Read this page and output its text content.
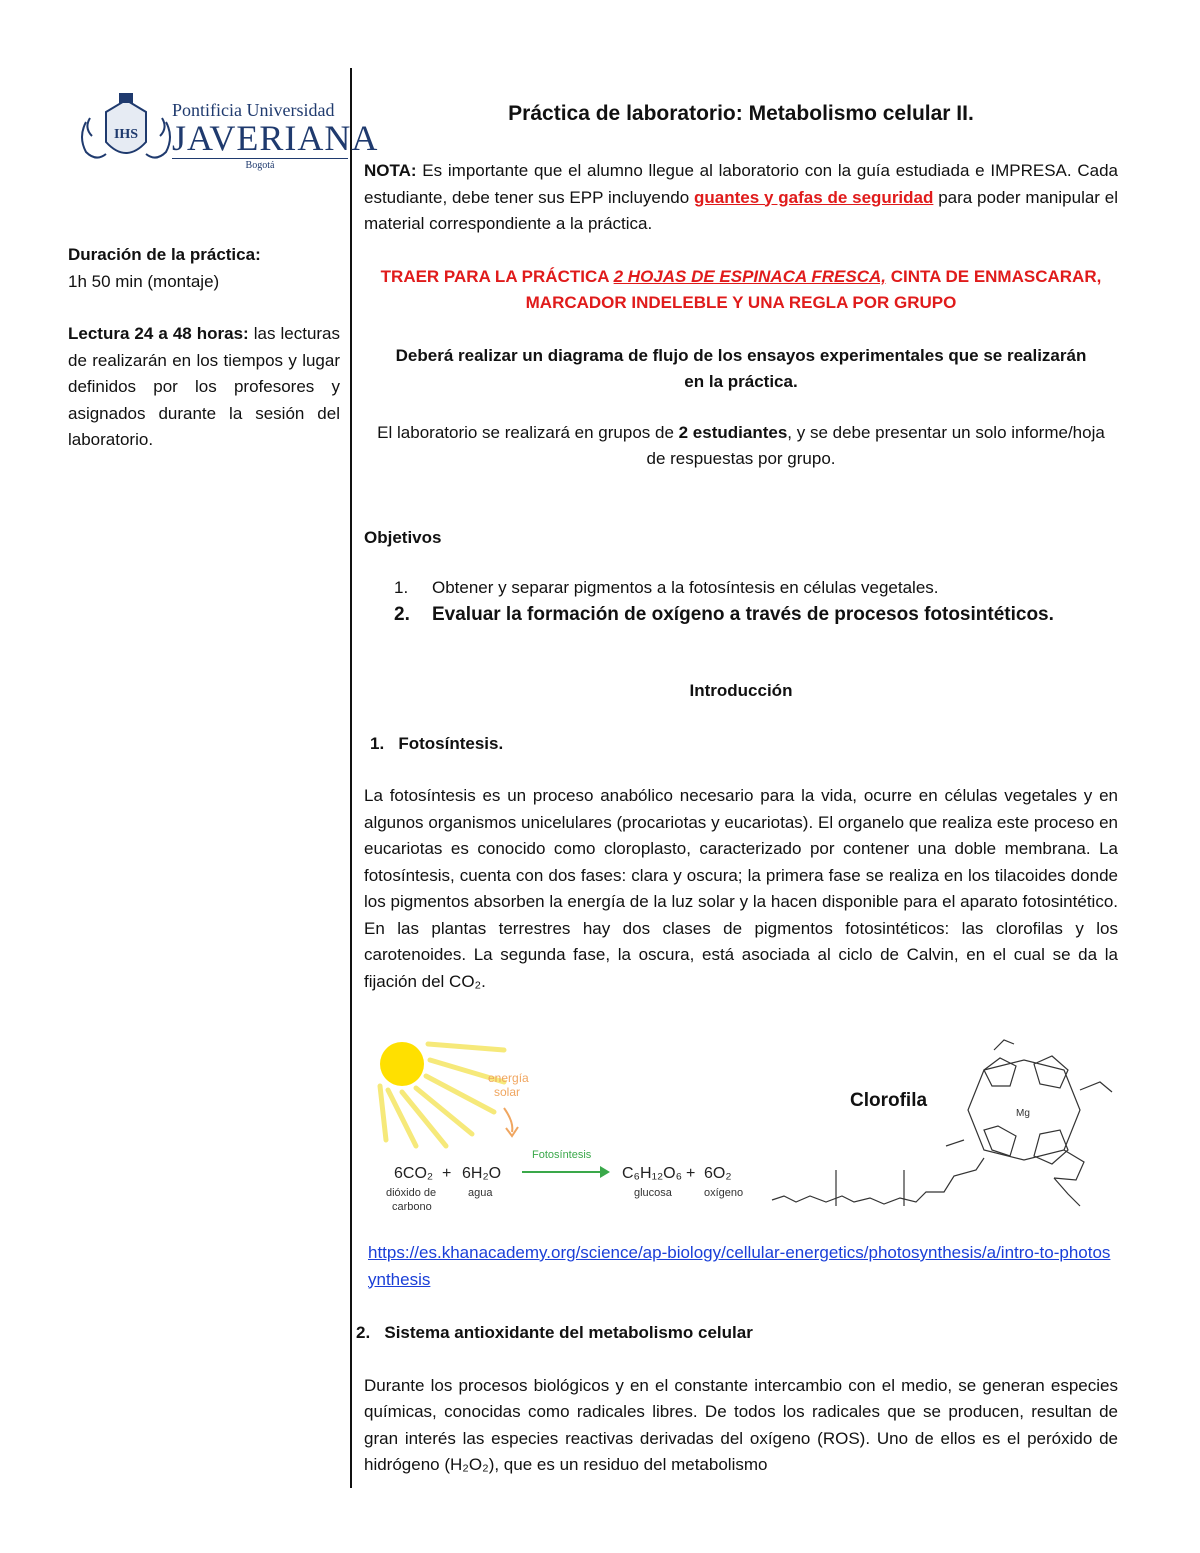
IHS
Pontificia Universidad
JAVERIANA
Bogotá
Duración de la práctica:
1h 50 min (montaje)
Lectura 24 a 48 horas: las lecturas de realizarán en los tiempos y lugar definidos por los profesores y asignados durante la sesión del laboratorio.
Práctica de laboratorio: Metabolismo celular II.

NOTA: Es importante que el alumno llegue al laboratorio con la guía estudiada e IMPRESA. Cada estudiante, debe tener sus EPP incluyendo guantes y gafas de seguridad para poder manipular el material correspondiente a la práctica.

TRAER PARA LA PRÁCTICA 2 HOJAS DE ESPINACA FRESCA, CINTA DE ENMASCARAR, MARCADOR INDELEBLE Y UNA REGLA POR GRUPO

Deberá realizar un diagrama de flujo de los ensayos experimentales que se realizarán en la práctica.

El laboratorio se realizará en grupos de 2 estudiantes, y se debe presentar un solo informe/hoja de respuestas por grupo.

Objetivos

1. Obtener y separar pigmentos a la fotosíntesis en células vegetales.
2. Evaluar la formación de oxígeno a través de procesos fotosintéticos.

Introducción

1. Fotosíntesis.

La fotosíntesis es un proceso anabólico necesario para la vida, ocurre en células vegetales y en algunos organismos unicelulares (procariotas y eucariotas). El organelo que realiza este proceso en eucariotas es conocido como cloroplasto, caracterizado por contener una doble membrana. La fotosíntesis, cuenta con dos fases: clara y oscura; la primera fase se realiza en los tilacoides donde los pigmentos absorben la energía de la luz solar y la hacen disponible para el aparato fotosintético. En las plantas terrestres hay dos clases de pigmentos fotosintéticos: las clorofilas y los carotenoides. La segunda fase, la oscura, está asociada al ciclo de Calvin, en el cual se da la fijación del CO₂.

energía
solar
6CO₂ + 6H₂O
Fotosíntesis
C₆H₁₂O₆ + 6O₂
dióxido de
carbono
agua	glucosa	oxígeno
Clorofila
Mg

https://es.khanacademy.org/science/ap-biology/cellular-energetics/photosynthesis/a/intro-to-photosynthesis

2. Sistema antioxidante del metabolismo celular

Durante los procesos biológicos y en el constante intercambio con el medio, se generan especies químicas, conocidas como radicales libres. De todos los radicales que se producen, resultan de gran interés las especies reactivas derivadas del oxígeno (ROS). Uno de ellos es el peróxido de hidrógeno (H₂O₂), que es un residuo del metabolismo
